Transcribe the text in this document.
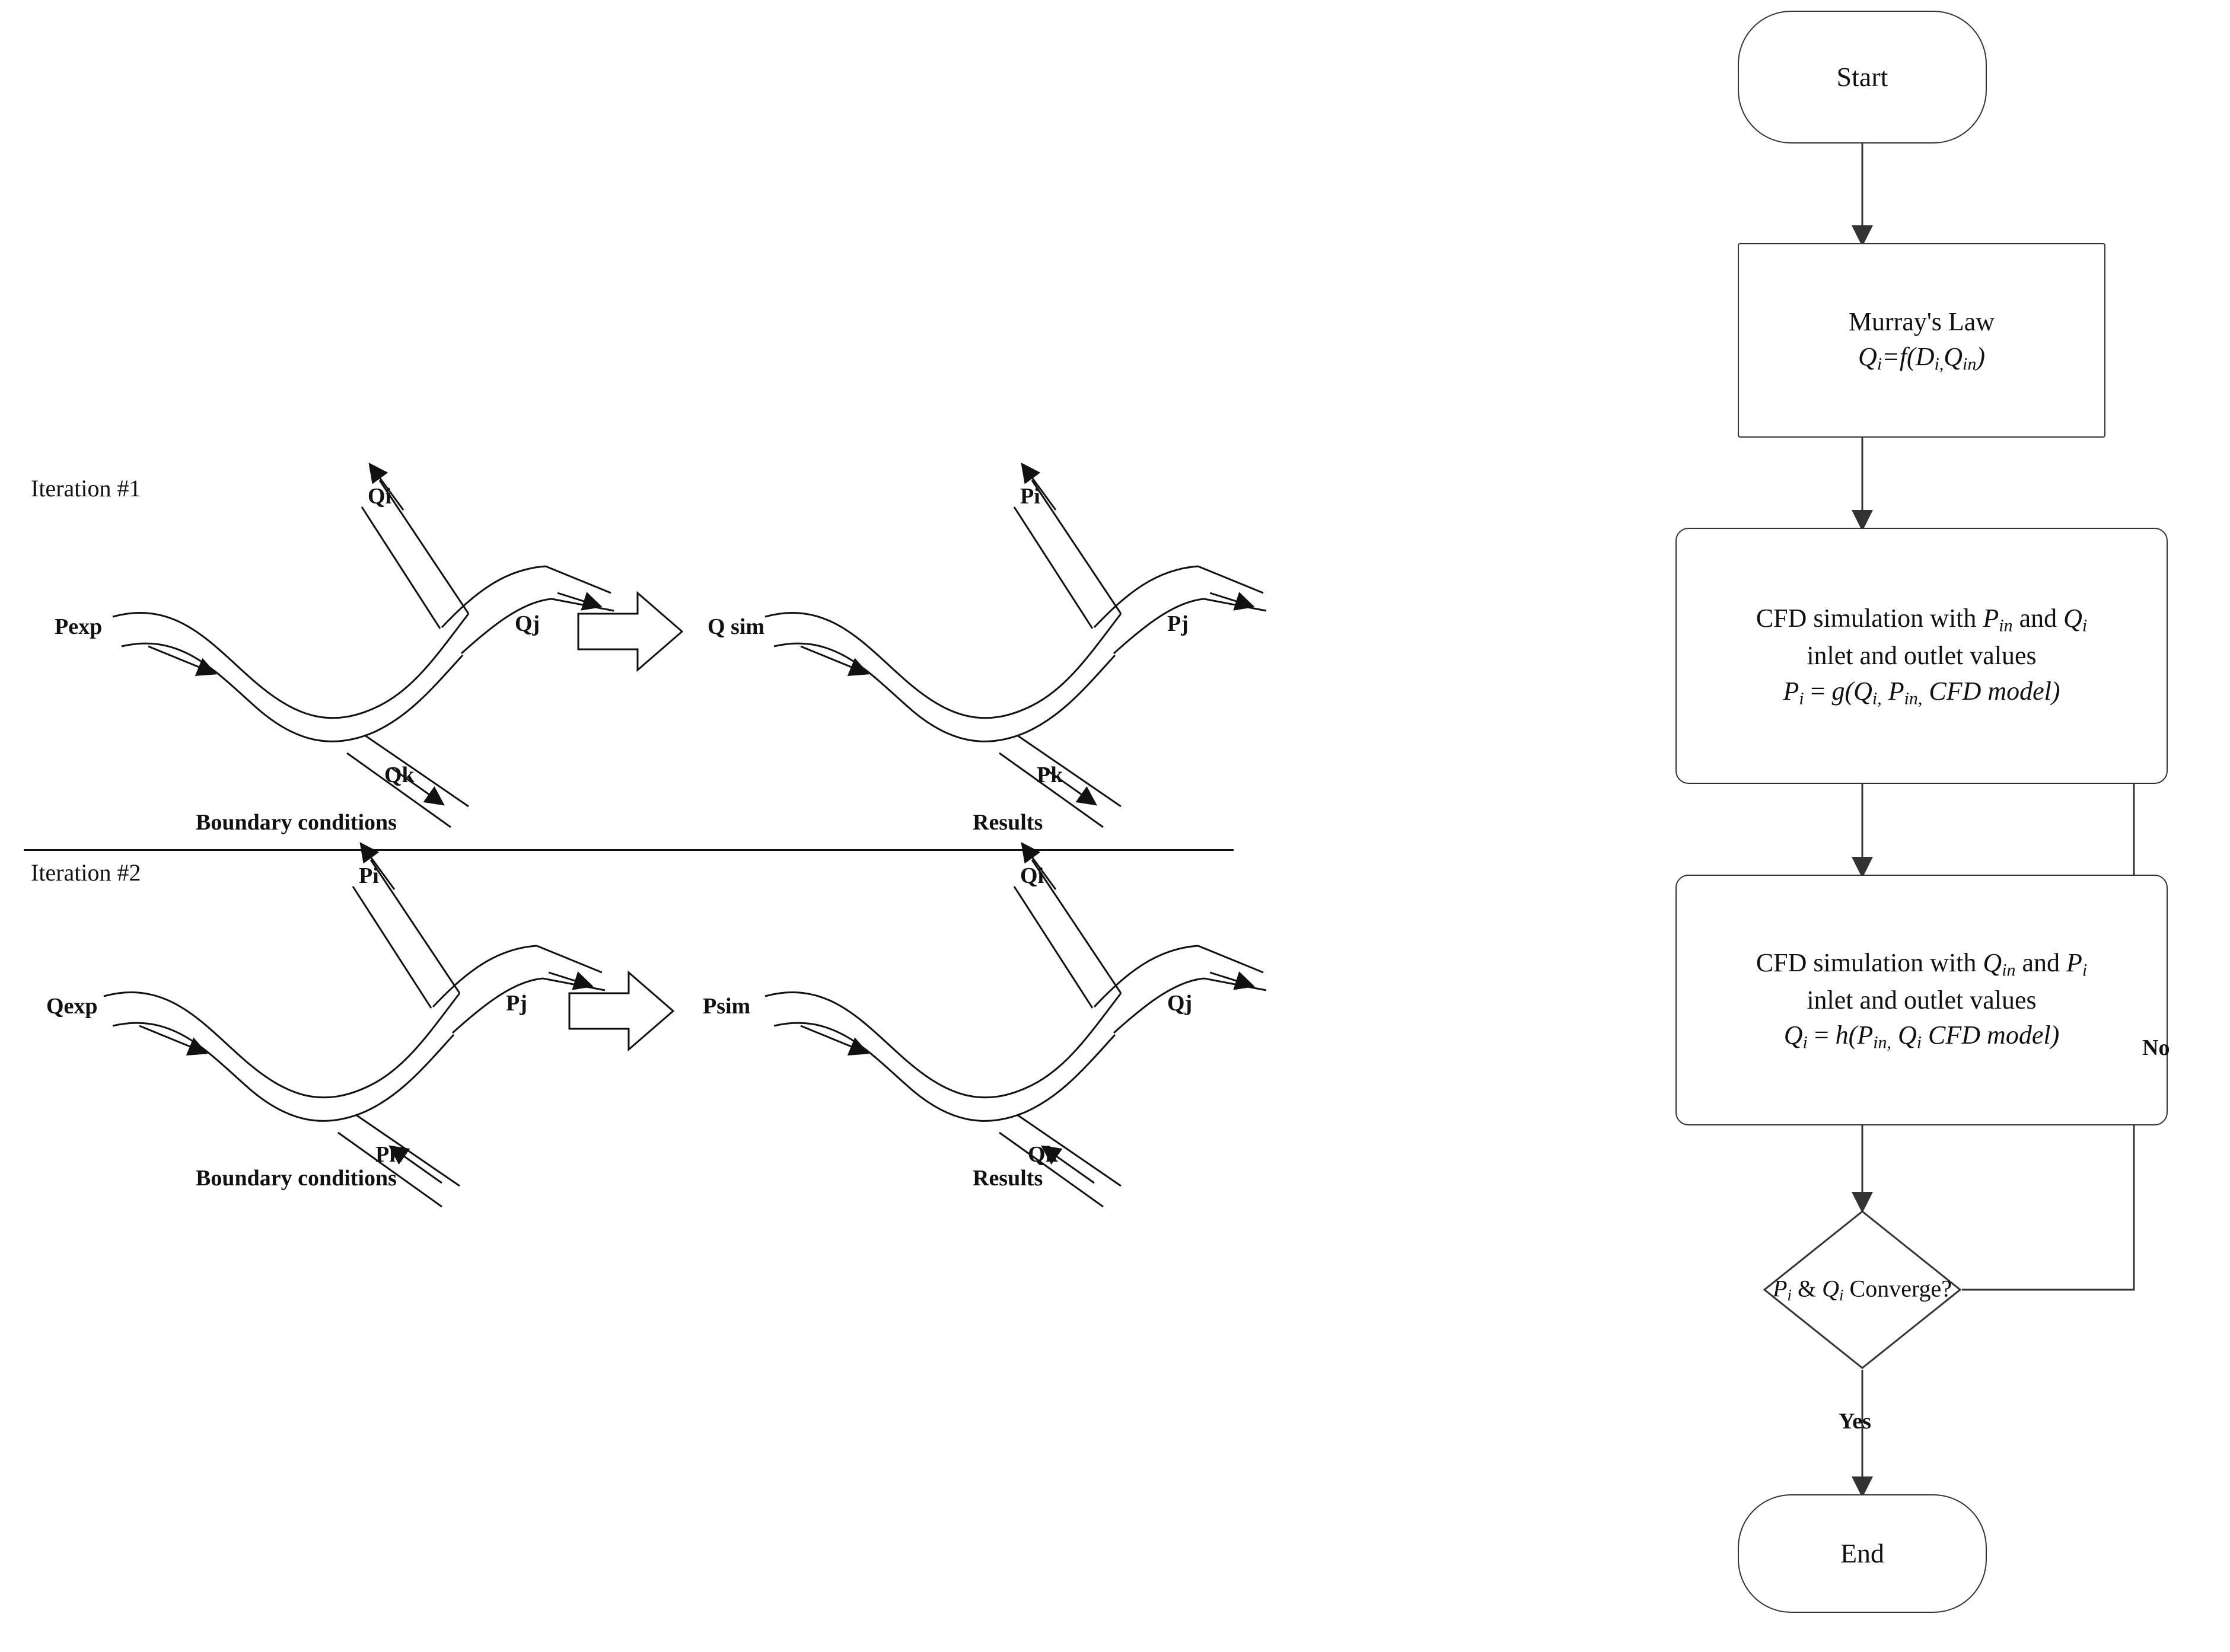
Iteration #1
Pexp
Qi
Qj
Qk
Q sim
Pi
Pj
Pk
Boundary conditions	Results
Iteration #2
Qexp
Pi
Pj
Pk
Psim
Qi
Qj
Qk
Boundary conditions	Results
Start
Murray's Law
$Q_i=f(D_{i,}Q_{in})$
CFD simulation with $P_{in}$ and $Q_i$
inlet and outlet values
$P_i = g(Q_{i,}$ $P_{in,}$ CFD model)
CFD simulation with $Q_{in}$ and $P_i$
inlet and outlet values
$Q_i = h(P_{in,}$ $Q_i$ CFD model)
$P_i$ & $Q_i$ Converge?
No
Yes
End
